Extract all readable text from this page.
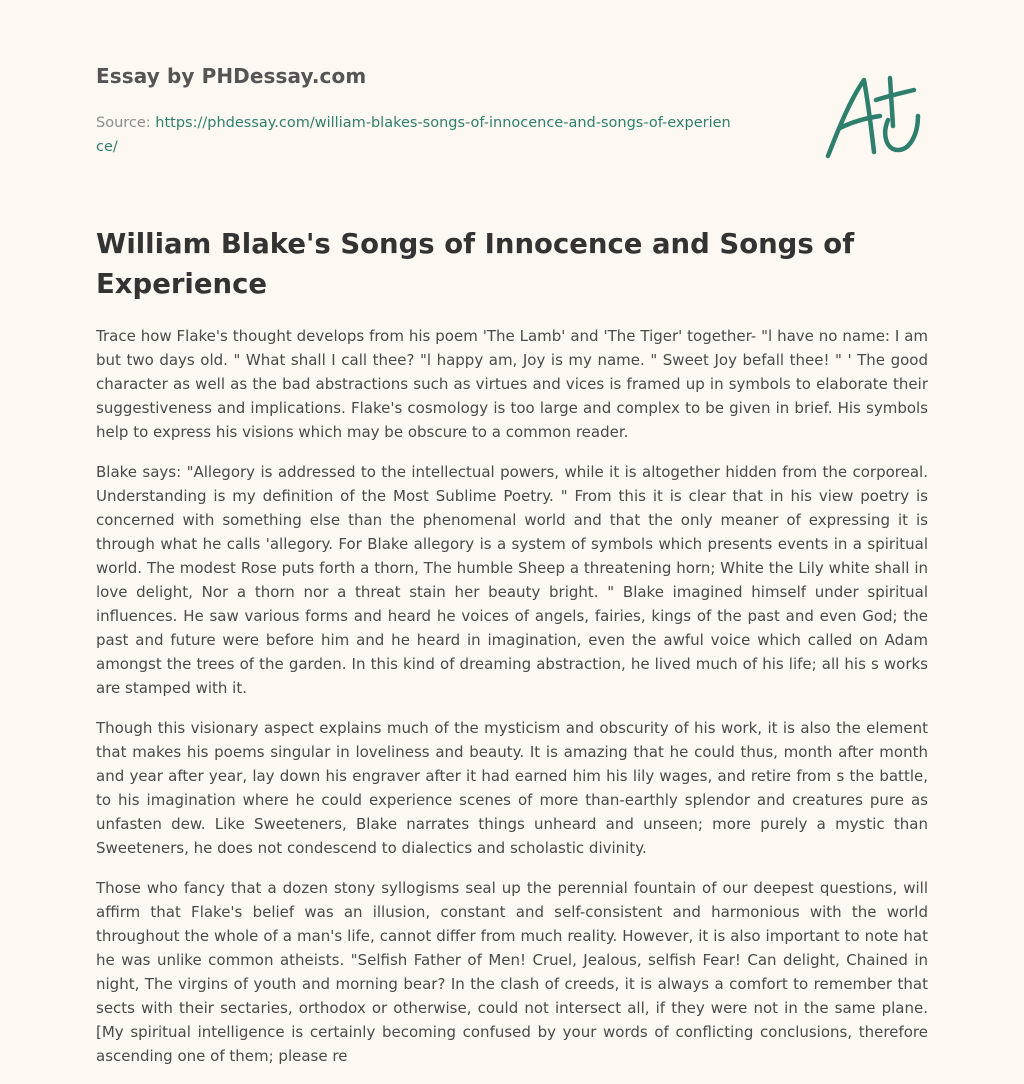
Essay by PHDessay.com
Source: https://phdessay.com/william-blakes-songs-of-innocence-and-songs-of-experience/
William Blake's Songs of Innocence and Songs of Experience

Trace how Flake's thought develops from his poem 'The Lamb' and 'The Tiger' together- "l have no name: I am but two days old. " What shall I call thee? "l happy am, Joy is my name. " Sweet Joy befall thee! " ' The good character as well as the bad abstractions such as virtues and vices is framed up in symbols to elaborate their suggestiveness and implications. Flake's cosmology is too large and complex to be given in brief. His symbols help to express his visions which may be obscure to a common reader.

Blake says: "Allegory is addressed to the intellectual powers, while it is altogether hidden from the corporeal. Understanding is my definition of the Most Sublime Poetry. " From this it is clear that in his view poetry is concerned with something else than the phenomenal world and that the only meaner of expressing it is through what he calls 'allegory. For Blake allegory is a system of symbols which presents events in a spiritual world. The modest Rose puts forth a thorn, The humble Sheep a threatening horn; White the Lily white shall in love delight, Nor a thorn nor a threat stain her beauty bright. " Blake imagined himself under spiritual influences. He saw various forms and heard he voices of angels, fairies, kings of the past and even God; the past and future were before him and he heard in imagination, even the awful voice which called on Adam amongst the trees of the garden. In this kind of dreaming abstraction, he lived much of his life; all his s works are stamped with it.

Though this visionary aspect explains much of the mysticism and obscurity of his work, it is also the element that makes his poems singular in loveliness and beauty. It is amazing that he could thus, month after month and year after year, lay down his engraver after it had earned him his lily wages, and retire from s the battle, to his imagination where he could experience scenes of more than-earthly splendor and creatures pure as unfasten dew. Like Sweeteners, Blake narrates things unheard and unseen; more purely a mystic than Sweeteners, he does not condescend to dialectics and scholastic divinity.

Those who fancy that a dozen stony syllogisms seal up the perennial fountain of our deepest questions, will affirm that Flake's belief was an illusion, constant and self-consistent and harmonious with the world throughout the whole of a man's life, cannot differ from much reality. However, it is also important to note hat he was unlike common atheists. "Selfish Father of Men! Cruel, Jealous, selfish Fear! Can delight, Chained in night, The virgins of youth and morning bear? In the clash of creeds, it is always a comfort to remember that sects with their sectaries, orthodox or otherwise, could not intersect all, if they were not in the same plane. [My spiritual intelligence is certainly becoming confused by your words of conflicting conclusions, therefore ascending one of them; please re
